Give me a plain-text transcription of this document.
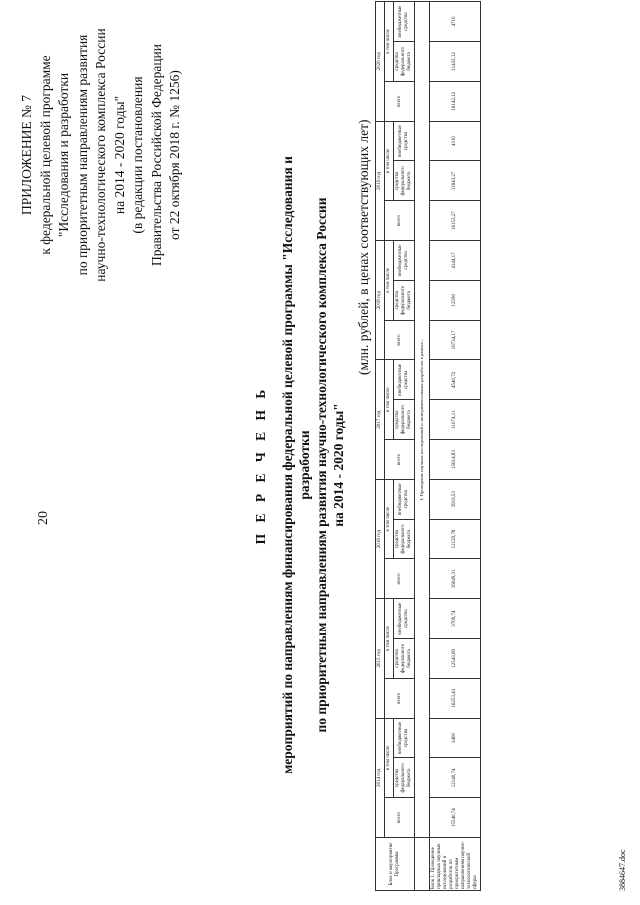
20
ПРИЛОЖЕНИЕ № 7 к федеральной целевой программе "Исследования и разработки по приоритетным направлениям развития научно-технологического комплекса России на 2014 - 2020 годы" (в редакции постановления Правительства Российской Федерации от 22 октября 2018 г. № 1256)
П Е Р Е Ч Е Н Ь мероприятий по направлениям финансирования федеральной целевой программы "Исследования и разработки по приоритетным направлениям развития научно-технологического комплекса России на 2014 - 2020 годы"
(млн. рублей, в ценах соответствующих лет)
Блок и мероприятие Программы	2014 год			2015 год			2016 год			2017 год			2018 год			2019 год			2020 год		
	всего	в том числе		всего	в том числе		всего	в том числе		всего	в том числе		всего	в том числе		всего	в том числе		всего	в том числе	
		средства федерального бюджета	внебюджетные средства		средства федерального бюджета	внебюджетные средства		средства федерального бюджета	внебюджетные средства		средства федерального бюджета	внебюджетные средства		средства федерального бюджета	внебюджетные средства		средства федерального бюджета	внебюджетные средства		средства федерального бюджета	внебюджетные средства
	I. Проведение научных исследований и экспериментальных разработок в рамках...																				
Блок 1. Проведение прикладных научных исследований и разработок по приоритетным направлениям научно-технологической сферы	15540,74	12140,74	3400	16253,43	12543,69	3709,74	16049,31	12129,78	3919,53	15614,83	11074,11	4540,72	16734,17	12590	4144,17	16153,27	11843,27	4310	16142,12	11432,12	4710
3884647.doc
